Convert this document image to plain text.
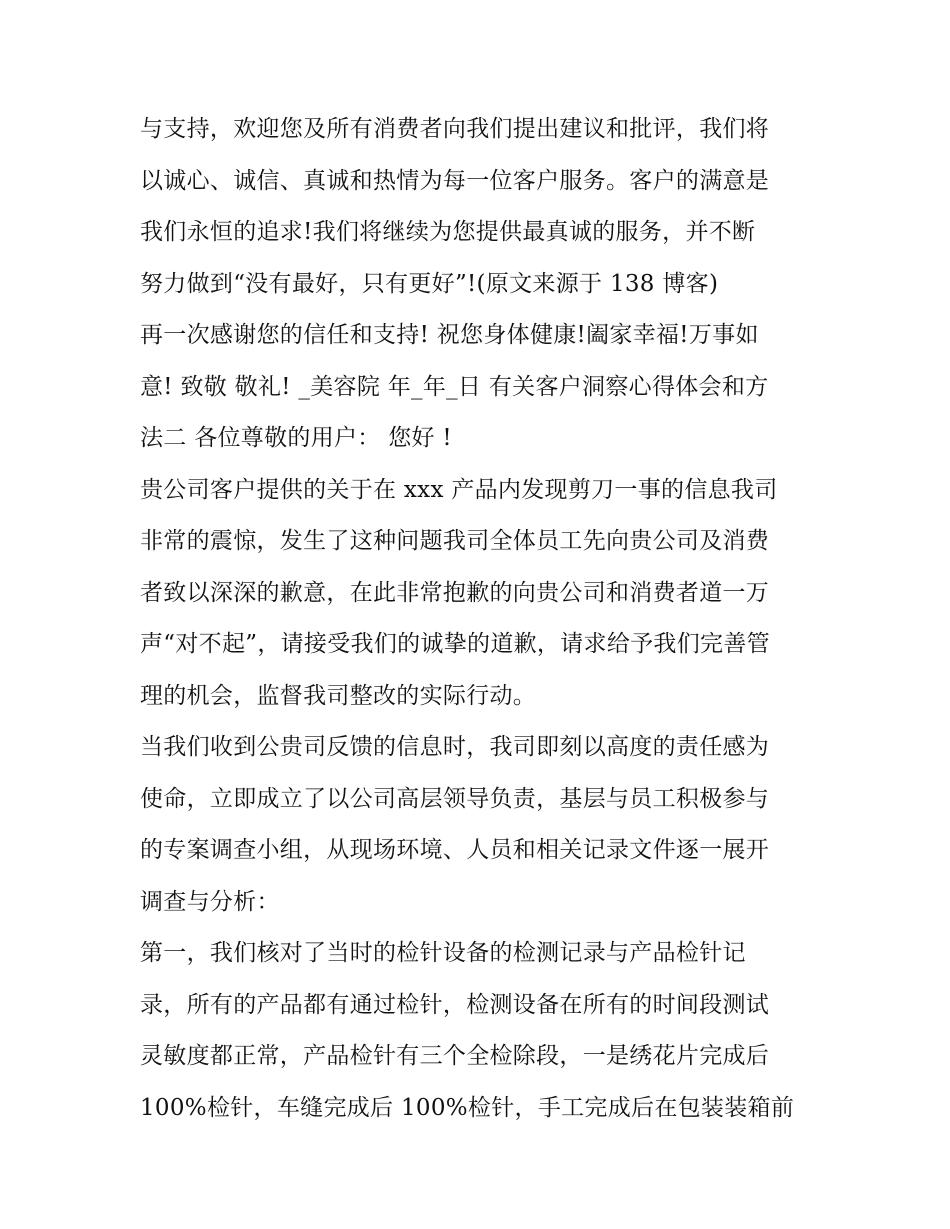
与支持，欢迎您及所有消费者向我们提出建议和批评，我们将
以诚心、诚信、真诚和热情为每一位客户服务。客户的满意是
我们永恒的追求!我们将继续为您提供最真诚的服务，并不断
努力做到“没有最好，只有更好”!(原文来源于 138 博客)
再一次感谢您的信任和支持! 祝您身体健康!阖家幸福!万事如
意! 致敬 敬礼! _美容院 年_年_日 有关客户洞察心得体会和方
法二 各位尊敬的用户： 您好 !
贵公司客户提供的关于在 xxx 产品内发现剪刀一事的信息我司
非常的震惊，发生了这种问题我司全体员工先向贵公司及消费
者致以深深的歉意，在此非常抱歉的向贵公司和消费者道一万
声“对不起”，请接受我们的诚挚的道歉，请求给予我们完善管
理的机会，监督我司整改的实际行动。
当我们收到公贵司反馈的信息时，我司即刻以高度的责任感为
使命，立即成立了以公司高层领导负责，基层与员工积极参与
的专案调查小组，从现场环境、人员和相关记录文件逐一展开
调查与分析：
第一，我们核对了当时的检针设备的检测记录与产品检针记
录，所有的产品都有通过检针，检测设备在所有的时间段测试
灵敏度都正常，产品检针有三个全检除段，一是绣花片完成后
100%检针，车缝完成后 100%检针，手工完成后在包装装箱前
